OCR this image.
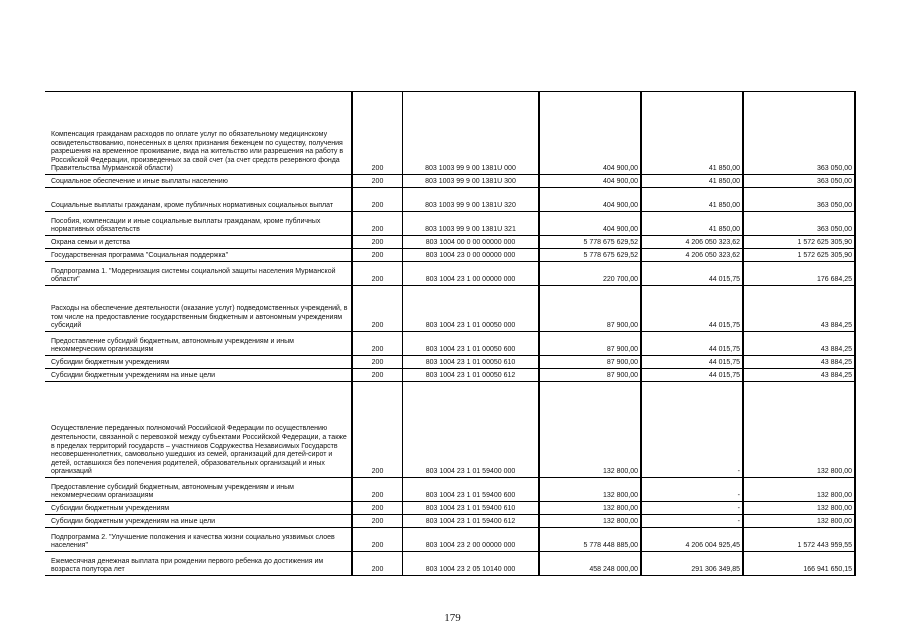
Компенсация гражданам расходов по оплате услуг по обязательному медицинскому освидетельствованию, понесенных в целях признания беженцем по существу, получения разрешения на временное проживание, вида на жительство или разрешения на работу в Российской Федерации, произведенных за свой счет (за счет средств резервного фонда Правительства Мурманской области)	200	803 1003 99 9 00 1381U 000	404 900,00	41 850,00	363 050,00

Социальное обеспечение и иные выплаты населению	200	803 1003 99 9 00 1381U 300	404 900,00	41 850,00	363 050,00

Социальные выплаты гражданам, кроме публичных нормативных социальных выплат	200	803 1003 99 9 00 1381U 320	404 900,00	41 850,00	363 050,00

Пособия, компенсации и иные социальные выплаты гражданам, кроме публичных нормативных обязательств	200	803 1003 99 9 00 1381U 321	404 900,00	41 850,00	363 050,00

Охрана семьи и детства	200	803 1004 00 0 00 00000 000	5 778 675 629,52	4 206 050 323,62	1 572 625 305,90

Государственная программа "Социальная поддержка"	200	803 1004 23 0 00 00000 000	5 778 675 629,52	4 206 050 323,62	1 572 625 305,90

Подпрограмма 1. "Модернизация системы социальной защиты населения Мурманской области"	200	803 1004 23 1 00 00000 000	220 700,00	44 015,75	176 684,25

Расходы на обеспечение деятельности (оказание услуг) подведомственных учреждений, в том числе на предоставление государственным бюджетным и автономным учреждениям субсидий	200	803 1004 23 1 01 00050 000	87 900,00	44 015,75	43 884,25

Предоставление субсидий бюджетным, автономным учреждениям и иным некоммерческим организациям	200	803 1004 23 1 01 00050 600	87 900,00	44 015,75	43 884,25

Субсидии бюджетным учреждениям	200	803 1004 23 1 01 00050 610	87 900,00	44 015,75	43 884,25

Субсидии бюджетным учреждениям на иные цели	200	803 1004 23 1 01 00050 612	87 900,00	44 015,75	43 884,25

Осуществление переданных полномочий Российской Федерации по осуществлению деятельности, связанной с перевозкой между субъектами Российской Федерации, а также в пределах территорий государств – участников Содружества Независимых Государств несовершеннолетних, самовольно ушедших из семей, организаций для детей-сирот и детей, оставшихся без попечения родителей, образовательных организаций и иных организаций	200	803 1004 23 1 01 59400 000	132 800,00	-	132 800,00

Предоставление субсидий бюджетным, автономным учреждениям и иным некоммерческим организациям	200	803 1004 23 1 01 59400 600	132 800,00	-	132 800,00

Субсидии бюджетным учреждениям	200	803 1004 23 1 01 59400 610	132 800,00	-	132 800,00

Субсидии бюджетным учреждениям на иные цели	200	803 1004 23 1 01 59400 612	132 800,00	-	132 800,00

Подпрограмма 2. "Улучшение положения и качества жизни социально уязвимых слоев населения"	200	803 1004 23 2 00 00000 000	5 778 448 885,00	4 206 004 925,45	1 572 443 959,55

Ежемесячная денежная выплата при рождении первого ребенка до достижения им возраста полутора лет	200	803 1004 23 2 05 10140 000	458 248 000,00	291 306 349,85	166 941 650,15
179
